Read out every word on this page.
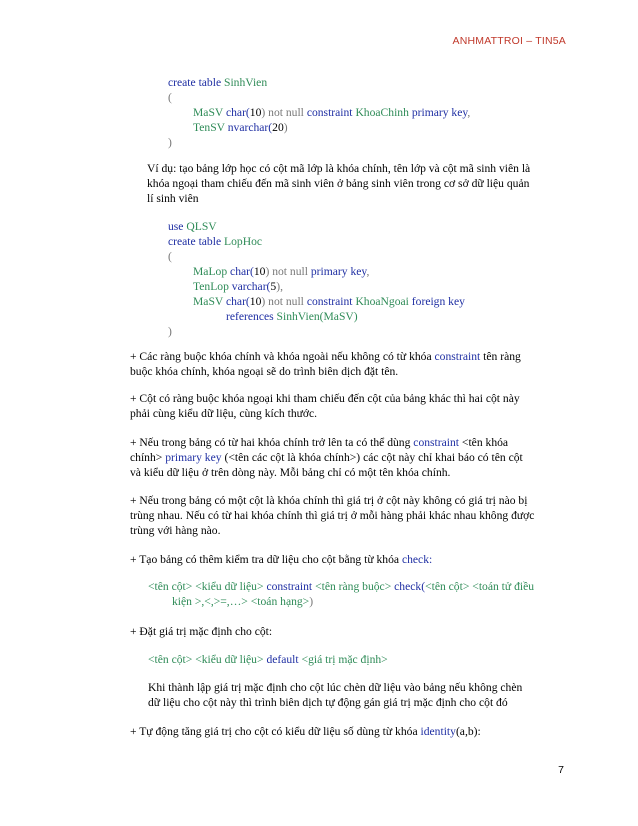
ANHMATTROI – TIN5A
create table SinhVien
(
MaSV char(10) not null constraint KhoaChinh primary key,
TenSV nvarchar(20)
)
Ví dụ: tạo bảng lớp học có cột mã lớp là khóa chính, tên lớp và cột mã sinh viên là
khóa ngoại tham chiếu đến mã sinh viên ở bảng sinh viên trong cơ sở dữ liệu quản
lí sinh viên
use QLSV
create table LopHoc
(
MaLop char(10) not null primary key,
TenLop varchar(5),
MaSV char(10) not null constraint KhoaNgoai foreign key
references SinhVien(MaSV)
)
+ Các ràng buộc khóa chính và khóa ngoài nếu không có từ khóa constraint tên ràng
buộc khóa chính, khóa ngoại sẽ do trình biên dịch đặt tên.
+ Cột có ràng buộc khóa ngoại khi tham chiếu đến cột của bảng khác thì hai cột này
phải cùng kiểu dữ liệu, cùng kích thước.
+ Nếu trong bảng có từ hai khóa chính trở lên ta có thể dùng constraint <tên khóa
chính> primary key (<tên các cột là khóa chính>) các cột này chỉ khai báo có tên cột
và kiểu dữ liệu ở trên dòng này. Mỗi bảng chỉ có một tên khóa chính.
+ Nếu trong bảng có một cột là khóa chính thì giá trị ở cột này không có giá trị nào bị
trùng nhau. Nếu có từ hai khóa chính thì giá trị ở mỗi hàng phải khác nhau không được
trùng với hàng nào.
+ Tạo bảng có thêm kiểm tra dữ liệu cho cột bằng từ khóa check:
<tên cột> <kiểu dữ liệu> constraint <tên ràng buộc> check(<tên cột> <toán tử điều
kiện >,<,>=,…> <toán hạng>)
+ Đặt giá trị mặc định cho cột:
<tên cột> <kiểu dữ liệu> default <giá trị mặc định>
Khi thành lập giá trị mặc định cho cột lúc chèn dữ liệu vào bảng nếu không chèn
dữ liệu cho cột này thì trình biên dịch tự động gán giá trị mặc định cho cột đó
+ Tự động tăng giá trị cho cột có kiểu dữ liệu số dùng từ khóa identity(a,b):
7
